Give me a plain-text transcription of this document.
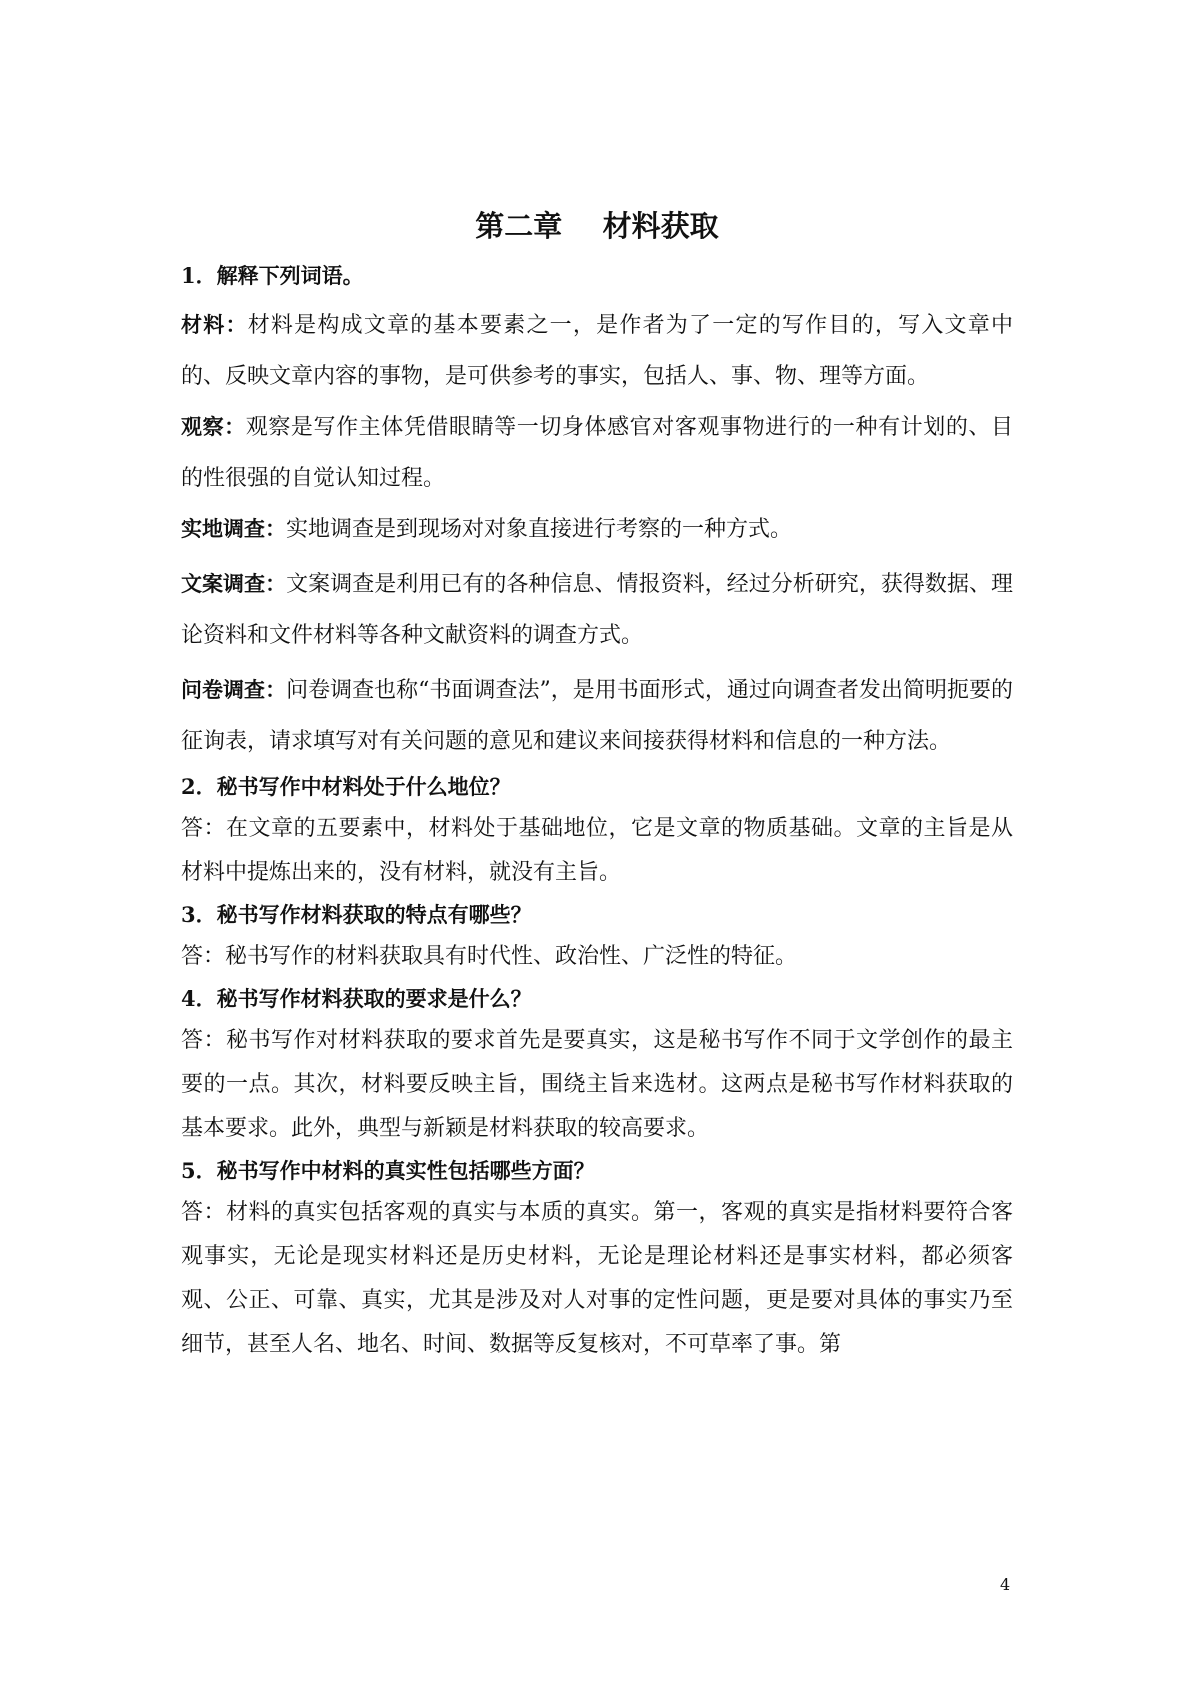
第二章    材料获取

1．解释下列词语。

材料：材料是构成文章的基本要素之一，是作者为了一定的写作目的，写入文章中的、反映文章内容的事物，是可供参考的事实，包括人、事、物、理等方面。

观察：观察是写作主体凭借眼睛等一切身体感官对客观事物进行的一种有计划的、目的性很强的自觉认知过程。

实地调查：实地调查是到现场对对象直接进行考察的一种方式。

文案调查：文案调查是利用已有的各种信息、情报资料，经过分析研究，获得数据、理论资料和文件材料等各种文献资料的调查方式。

问卷调查：问卷调查也称“书面调查法”，是用书面形式，通过向调查者发出简明扼要的征询表，请求填写对有关问题的意见和建议来间接获得材料和信息的一种方法。

2．秘书写作中材料处于什么地位？

答：在文章的五要素中，材料处于基础地位，它是文章的物质基础。文章的主旨是从材料中提炼出来的，没有材料，就没有主旨。

3．秘书写作材料获取的特点有哪些？

答：秘书写作的材料获取具有时代性、政治性、广泛性的特征。

4．秘书写作材料获取的要求是什么？

答：秘书写作对材料获取的要求首先是要真实，这是秘书写作不同于文学创作的最主要的一点。其次，材料要反映主旨，围绕主旨来选材。这两点是秘书写作材料获取的基本要求。此外，典型与新颖是材料获取的较高要求。

5．秘书写作中材料的真实性包括哪些方面？

答：材料的真实包括客观的真实与本质的真实。第一，客观的真实是指材料要符合客观事实，无论是现实材料还是历史材料，无论是理论材料还是事实材料，都必须客观、公正、可靠、真实，尤其是涉及对人对事的定性问题，更是要对具体的事实乃至细节，甚至人名、地名、时间、数据等反复核对，不可草率了事。第

4
